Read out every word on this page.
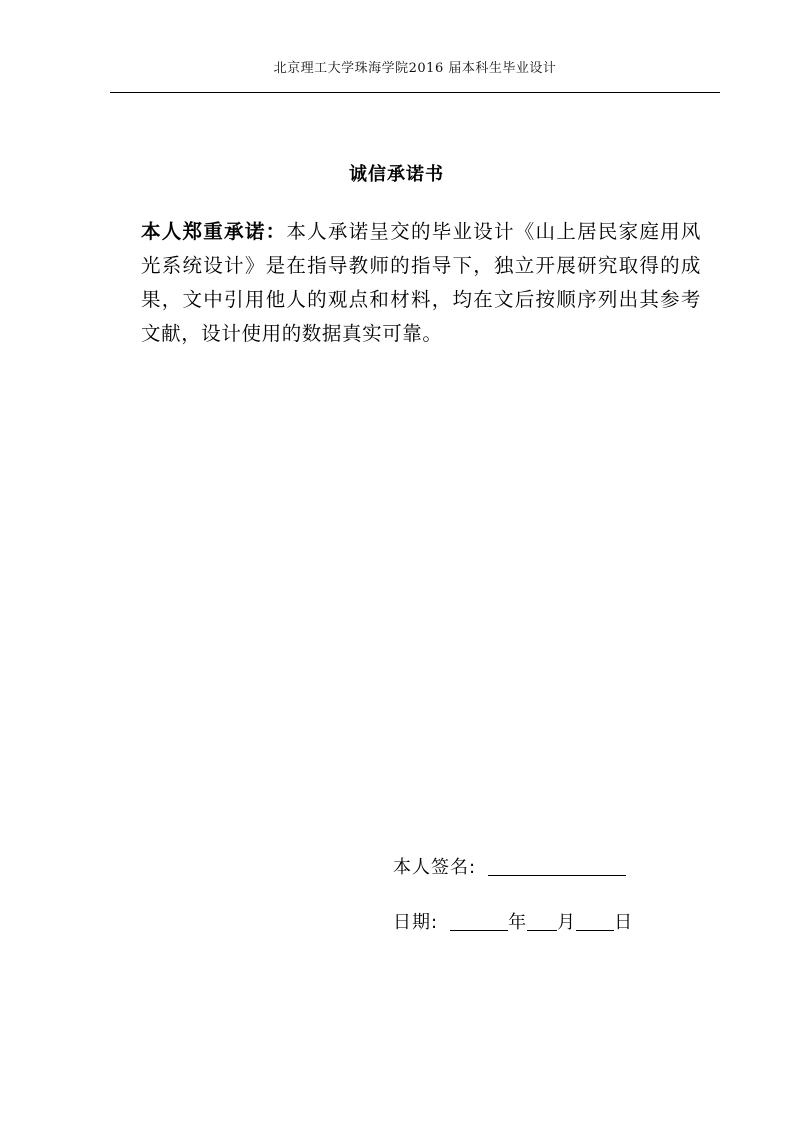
北京理工大学珠海学院2016 届本科生毕业设计
诚信承诺书
本人郑重承诺：本人承诺呈交的毕业设计《山上居民家庭用风光系统设计》是在指导教师的指导下，独立开展研究取得的成果，文中引用他人的观点和材料，均在文后按顺序列出其参考文献，设计使用的数据真实可靠。
本人签名:
日期:	年 月 日
